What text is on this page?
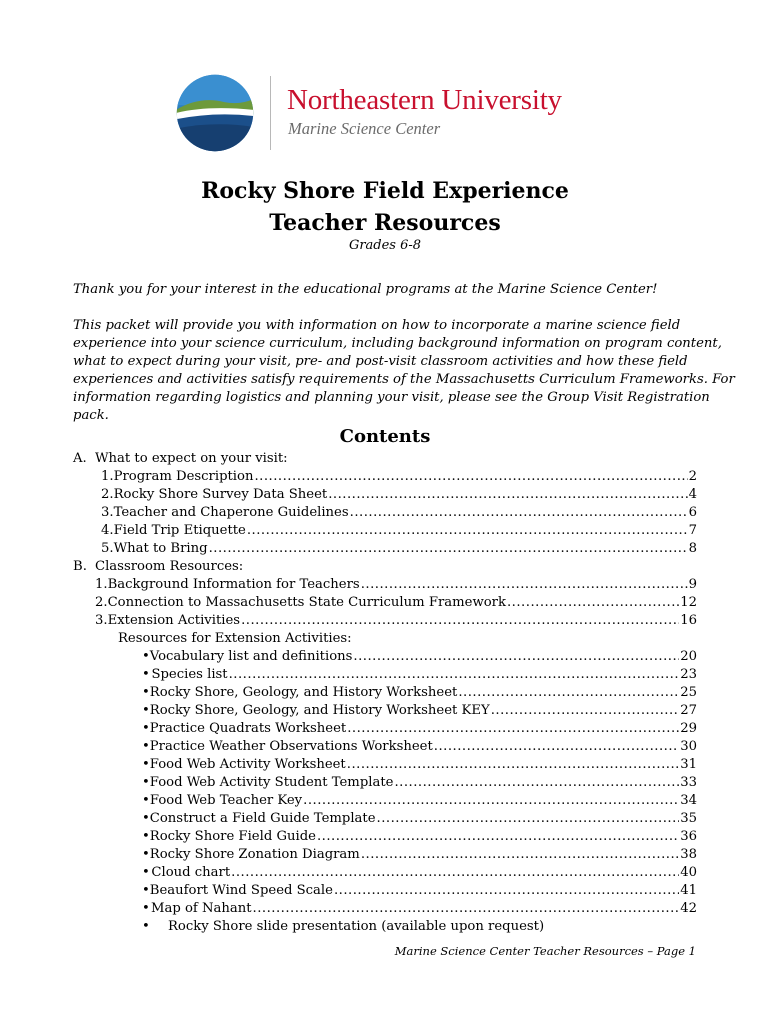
Northeastern University
Marine Science Center
Rocky Shore Field Experience
Teacher Resources
Grades 6-8
Thank you for your interest in the educational programs at the Marine Science Center!
This packet will provide you with information on how to incorporate a marine science field
experience into your science curriculum, including background information on program content,
what to expect during your visit, pre- and post-visit classroom activities and how these field
experiences and activities satisfy requirements of the Massachusetts Curriculum Frameworks. For
information regarding logistics and planning your visit, please see the Group Visit Registration
pack.
Contents
A. What to expect on your visit:
1. Program Description .....	2
2. Rocky Shore Survey Data Sheet .....	4
3. Teacher and Chaperone Guidelines .....	6
4. Field Trip Etiquette .....	7
5. What to Bring .....	8
B. Classroom Resources:
1. Background Information for Teachers .....	9
2. Connection to Massachusetts State Curriculum Framework .....	12
3. Extension Activities .....	16
Resources for Extension Activities:
• Vocabulary list and definitions .....	20
• Species list .....	23
• Rocky Shore, Geology, and History Worksheet .....	25
• Rocky Shore, Geology, and History Worksheet KEY .....	27
• Practice Quadrats Worksheet .....	29
• Practice Weather Observations Worksheet .....	30
• Food Web Activity Worksheet .....	31
• Food Web Activity Student Template .....	33
• Food Web Teacher Key .....	34
• Construct a Field Guide Template .....	35
• Rocky Shore Field Guide .....	36
• Rocky Shore Zonation Diagram .....	38
• Cloud chart .....	40
• Beaufort Wind Speed Scale .....	41
• Map of Nahant .....	42
• Rocky Shore slide presentation (available upon request)
Marine Science Center Teacher Resources – Page 1
